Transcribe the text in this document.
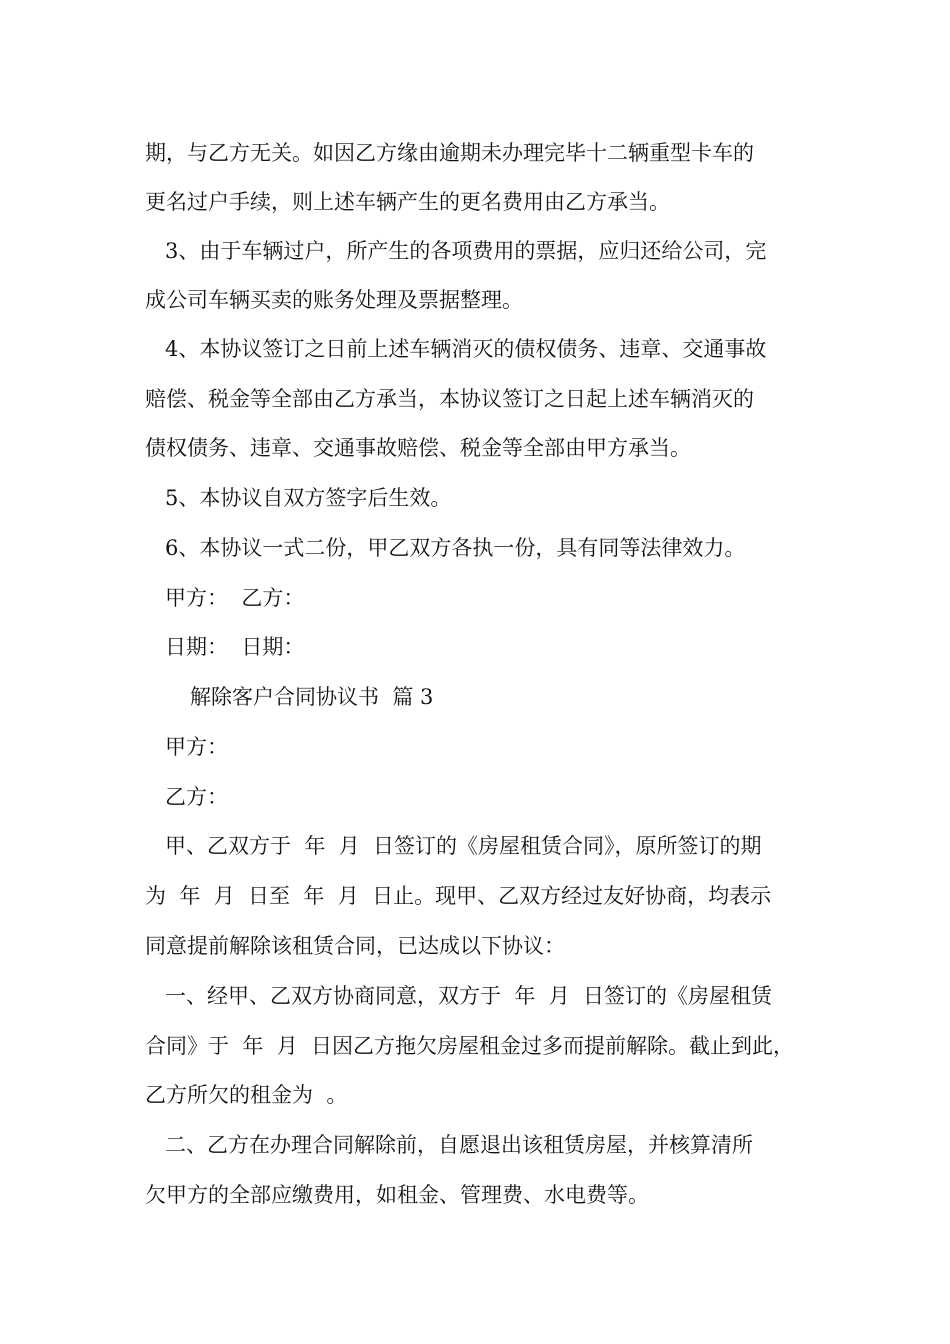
期，与乙方无关。如因乙方缘由逾期未办理完毕十二辆重型卡车的
更名过户手续，则上述车辆产生的更名费用由乙方承当。
3、由于车辆过户，所产生的各项费用的票据，应归还给公司，完
成公司车辆买卖的账务处理及票据整理。
4、本协议签订之日前上述车辆消灭的债权债务、违章、交通事故
赔偿、税金等全部由乙方承当，本协议签订之日起上述车辆消灭的
债权债务、违章、交通事故赔偿、税金等全部由甲方承当。
5、本协议自双方签字后生效。
6、本协议一式二份，甲乙双方各执一份，具有同等法律效力。
甲方：  乙方：
日期：  日期：
解除客户合同协议书  篇 3
甲方：
乙方：
甲、乙双方于  年  月  日签订的《房屋租赁合同》，原所签订的期
为  年  月  日至  年  月  日止。现甲、乙双方经过友好协商，均表示
同意提前解除该租赁合同，已达成以下协议：
一、经甲、乙双方协商同意，双方于  年  月  日签订的《房屋租赁
合同》于  年  月  日因乙方拖欠房屋租金过多而提前解除。截止到此，
乙方所欠的租金为  。
二、乙方在办理合同解除前，自愿退出该租赁房屋，并核算清所
欠甲方的全部应缴费用，如租金、管理费、水电费等。
